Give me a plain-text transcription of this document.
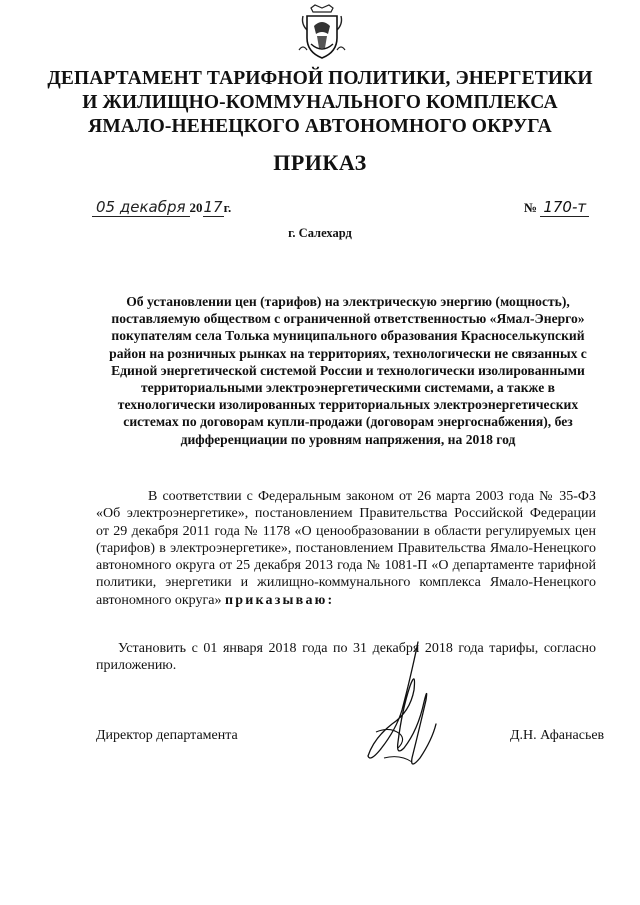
ДЕПАРТАМЕНТ ТАРИФНОЙ ПОЛИТИКИ, ЭНЕРГЕТИКИ
И ЖИЛИЩНО-КОММУНАЛЬНОГО КОМПЛЕКСА
ЯМАЛО-НЕНЕЦКОГО АВТОНОМНОГО ОКРУГА
ПРИКАЗ
05 декабря 2017г.	№ 170-т
г. Салехард
Об установлении цен (тарифов) на электрическую энергию (мощность), поставляемую обществом с ограниченной ответственностью «Ямал-Энерго» покупателям села Толька муниципального образования Красноселькупский район на розничных рынках на территориях, технологически не связанных с Единой энергетической системой России и технологически изолированными территориальными электроэнергетическими системами, а также в технологически изолированных территориальных электроэнергетических системах по договорам купли-продажи (договорам энергоснабжения), без дифференциации по уровням напряжения, на 2018 год

В соответствии с Федеральным законом от 26 марта 2003 года № 35-ФЗ «Об электроэнергетике», постановлением Правительства Российской Федерации от 29 декабря 2011 года № 1178 «О ценообразовании в области регулируемых цен (тарифов) в электроэнергетике», постановлением Правительства Ямало-Ненецкого автономного округа от 25 декабря 2013 года № 1081-П «О департаменте тарифной политики, энергетики и жилищно-коммунального комплекса Ямало-Ненецкого автономного округа» приказываю:

Установить с 01 января 2018 года по 31 декабря 2018 года тарифы, согласно приложению.

Директор департамента	Д.Н. Афанасьев
